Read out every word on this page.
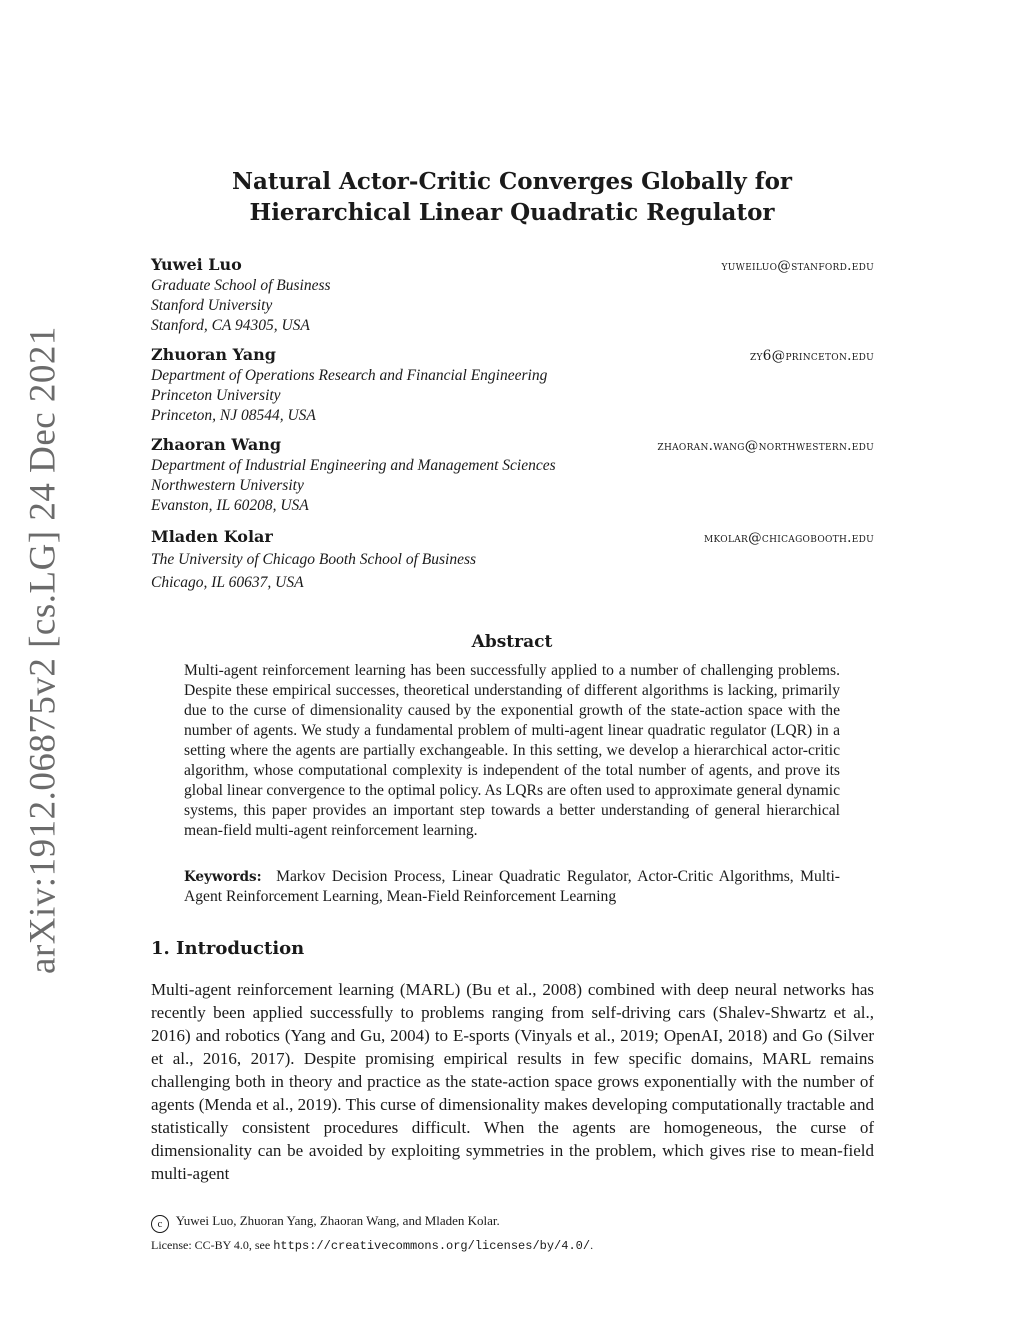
arXiv:1912.06875v2 [cs.LG] 24 Dec 2021
Natural Actor-Critic Converges Globally for
Hierarchical Linear Quadratic Regulator
Yuwei Luo	yuweiluo@stanford.edu
Graduate School of Business
Stanford University
Stanford, CA 94305, USA
Zhuoran Yang	zy6@princeton.edu
Department of Operations Research and Financial Engineering
Princeton University
Princeton, NJ 08544, USA
Zhaoran Wang	zhaoran.wang@northwestern.edu
Department of Industrial Engineering and Management Sciences
Northwestern University
Evanston, IL 60208, USA
Mladen Kolar	mkolar@chicagobooth.edu
The University of Chicago Booth School of Business
Chicago, IL 60637, USA
Abstract
Multi-agent reinforcement learning has been successfully applied to a number of challenging problems. Despite these empirical successes, theoretical understanding of different algorithms is lacking, primarily due to the curse of dimensionality caused by the exponential growth of the state-action space with the number of agents. We study a fundamental problem of multi-agent linear quadratic regulator (LQR) in a setting where the agents are partially exchangeable. In this setting, we develop a hierarchical actor-critic algorithm, whose computational complexity is independent of the total number of agents, and prove its global linear convergence to the optimal policy. As LQRs are often used to approximate general dynamic systems, this paper provides an important step towards a better understanding of general hierarchical mean-field multi-agent reinforcement learning.
Keywords: Markov Decision Process, Linear Quadratic Regulator, Actor-Critic Algorithms, Multi-Agent Reinforcement Learning, Mean-Field Reinforcement Learning
1. Introduction
Multi-agent reinforcement learning (MARL) (Bu et al., 2008) combined with deep neural networks has recently been applied successfully to problems ranging from self-driving cars (Shalev-Shwartz et al., 2016) and robotics (Yang and Gu, 2004) to E-sports (Vinyals et al., 2019; OpenAI, 2018) and Go (Silver et al., 2016, 2017). Despite promising empirical results in few specific domains, MARL remains challenging both in theory and practice as the state-action space grows exponentially with the number of agents (Menda et al., 2019). This curse of dimensionality makes developing computationally tractable and statistically consistent procedures difficult. When the agents are homogeneous, the curse of dimensionality can be avoided by exploiting symmetries in the problem, which gives rise to mean-field multi-agent
c Yuwei Luo, Zhuoran Yang, Zhaoran Wang, and Mladen Kolar.
License: CC-BY 4.0, see https://creativecommons.org/licenses/by/4.0/.
